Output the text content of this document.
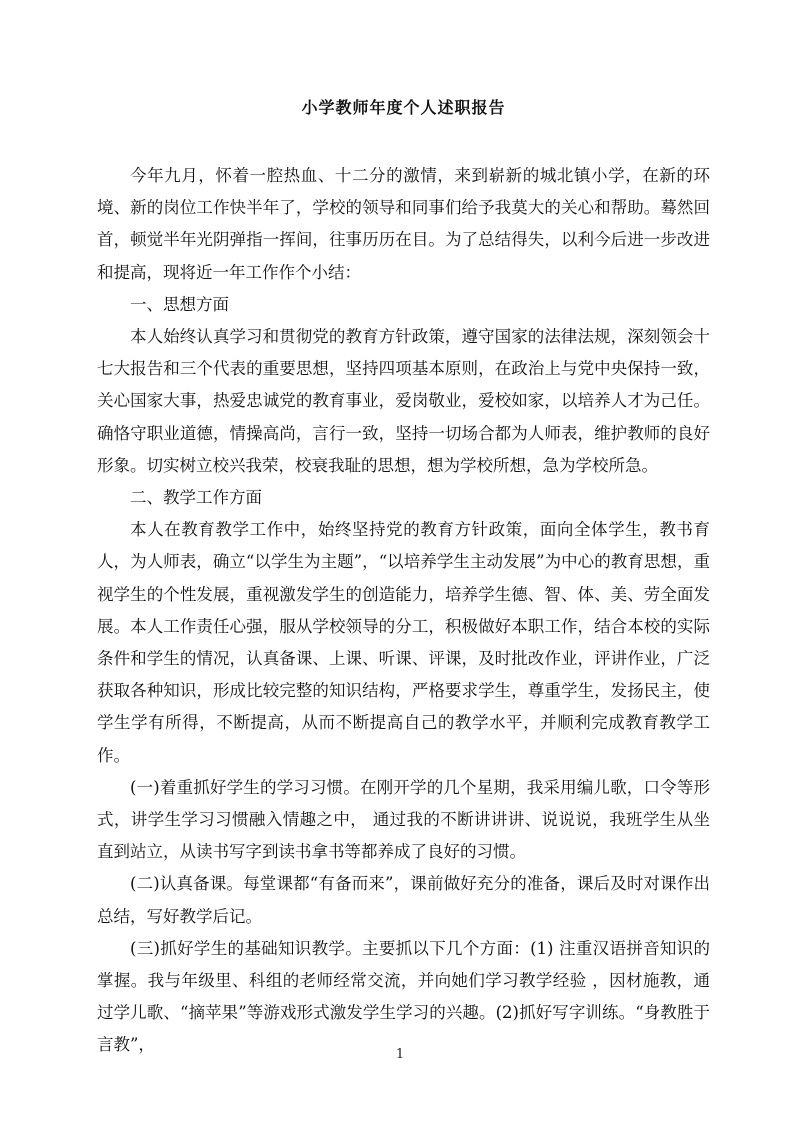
小学教师年度个人述职报告

今年九月，怀着一腔热血、十二分的激情，来到崭新的城北镇小学，在新的环境、新的岗位工作快半年了，学校的领导和同事们给予我莫大的关心和帮助。蓦然回首，顿觉半年光阴弹指一挥间，往事历历在目。为了总结得失，以利今后进一步改进和提高，现将近一年工作作个小结：

一、思想方面

本人始终认真学习和贯彻党的教育方针政策，遵守国家的法律法规，深刻领会十七大报告和三个代表的重要思想，坚持四项基本原则，在政治上与党中央保持一致，关心国家大事，热爱忠诚党的教育事业，爱岗敬业，爱校如家，以培养人才为己任。确恪守职业道德，情操高尚，言行一致，坚持一切场合都为人师表，维护教师的良好形象。切实树立校兴我荣，校衰我耻的思想，想为学校所想，急为学校所急。

二、教学工作方面

本人在教育教学工作中，始终坚持党的教育方针政策，面向全体学生，教书育人，为人师表，确立“以学生为主题”，“以培养学生主动发展”为中心的教育思想，重视学生的个性发展，重视激发学生的创造能力，培养学生德、智、体、美、劳全面发展。本人工作责任心强，服从学校领导的分工，积极做好本职工作，结合本校的实际条件和学生的情况，认真备课、上课、听课、评课，及时批改作业，评讲作业，广泛获取各种知识，形成比较完整的知识结构，严格要求学生，尊重学生，发扬民主，使学生学有所得，不断提高，从而不断提高自己的教学水平，并顺利完成教育教学工作。

(一)着重抓好学生的学习习惯。在刚开学的几个星期，我采用编儿歌，口令等形式，讲学生学习习惯融入情趣之中， 通过我的不断讲讲讲、说说说，我班学生从坐直到站立，从读书写字到读书拿书等都养成了良好的习惯。

(二)认真备课。每堂课都“有备而来”，课前做好充分的准备，课后及时对课作出总结，写好教学后记。

(三)抓好学生的基础知识教学。主要抓以下几个方面：(1) 注重汉语拼音知识的掌握。我与年级里、科组的老师经常交流，并向她们学习教学经验 ，因材施教，通过学儿歌、“摘苹果”等游戏形式激发学生学习的兴趣。(2)抓好写字训练。“身教胜于言教”，

1
